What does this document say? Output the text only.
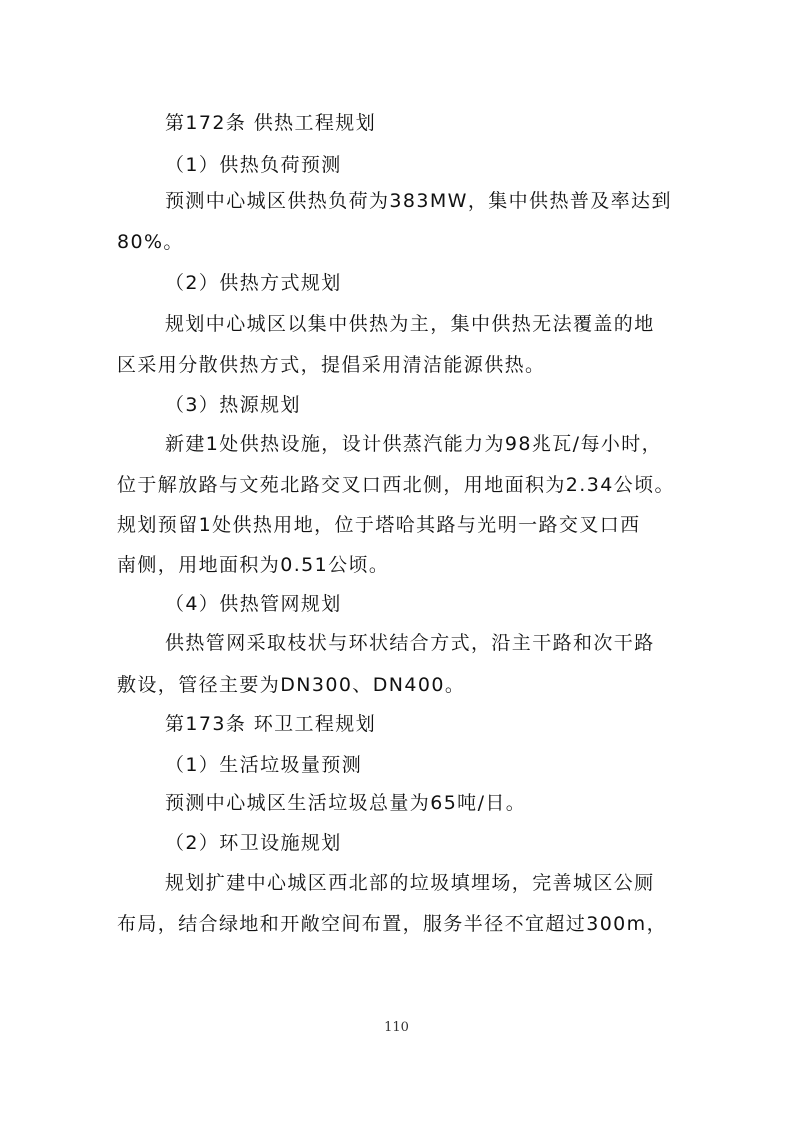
第172条 供热工程规划
（1）供热负荷预测
预测中心城区供热负荷为383MW，集中供热普及率达到
80%。
（2）供热方式规划
规划中心城区以集中供热为主，集中供热无法覆盖的地
区采用分散供热方式，提倡采用清洁能源供热。
（3）热源规划
新建1处供热设施，设计供蒸汽能力为98兆瓦/每小时，
位于解放路与文苑北路交叉口西北侧，用地面积为2.34公顷。
规划预留1处供热用地，位于塔哈其路与光明一路交叉口西
南侧，用地面积为0.51公顷。
（4）供热管网规划
供热管网采取枝状与环状结合方式，沿主干路和次干路
敷设，管径主要为DN300、DN400。
第173条 环卫工程规划
（1）生活垃圾量预测
预测中心城区生活垃圾总量为65吨/日。
（2）环卫设施规划
规划扩建中心城区西北部的垃圾填埋场，完善城区公厕
布局，结合绿地和开敞空间布置，服务半径不宜超过300m，
110
